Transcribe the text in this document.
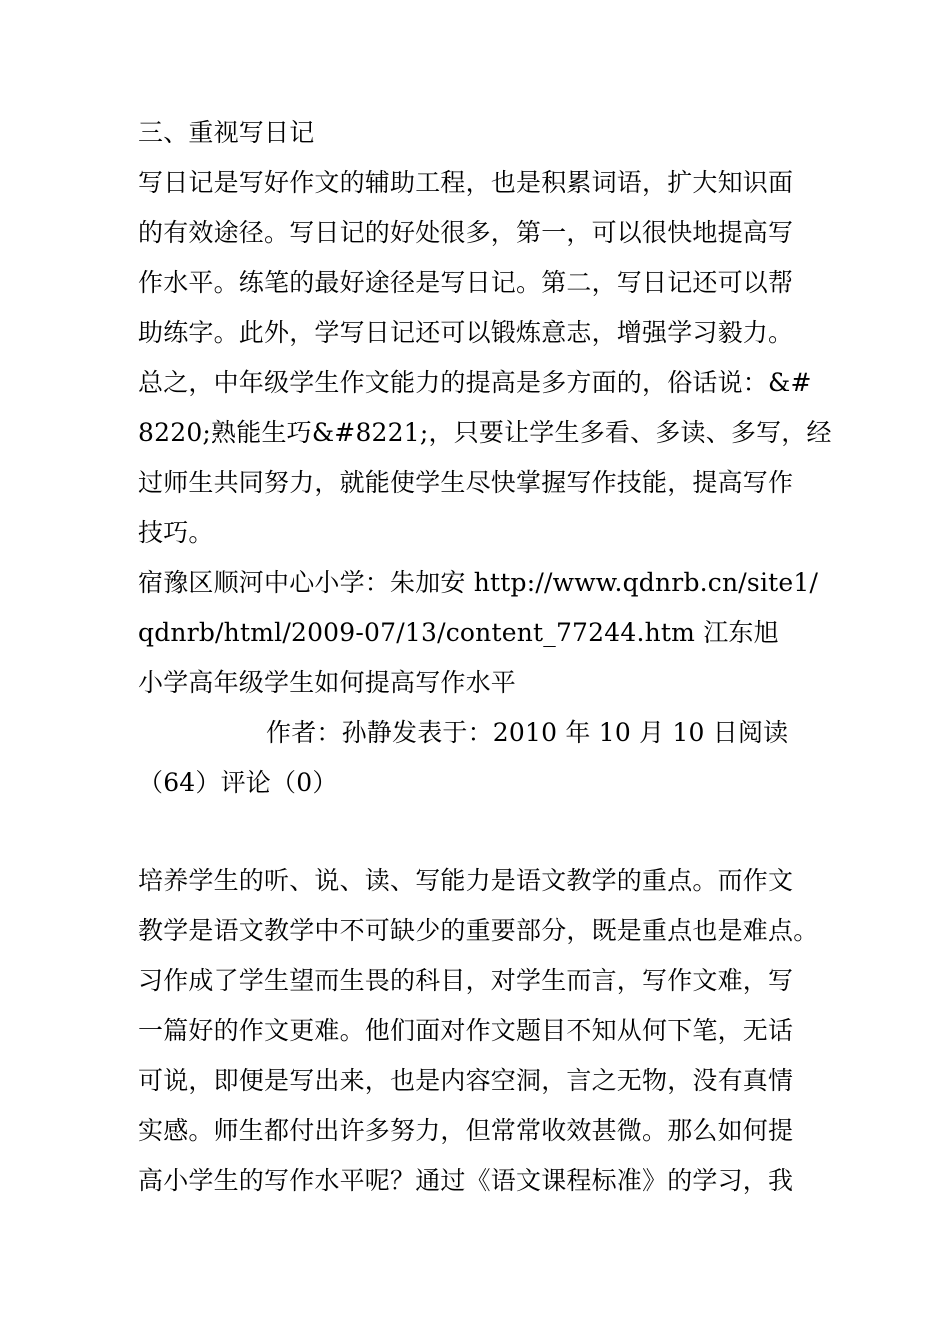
三、重视写日记
写日记是写好作文的辅助工程，也是积累词语，扩大知识面
的有效途径。写日记的好处很多，第一，可以很快地提高写
作水平。练笔的最好途径是写日记。第二，写日记还可以帮
助练字。此外，学写日记还可以锻炼意志，增强学习毅力。
总之，中年级学生作文能力的提高是多方面的，俗话说：&#
8220;熟能生巧&#8221;，只要让学生多看、多读、多写，经
过师生共同努力，就能使学生尽快掌握写作技能，提高写作
技巧。
宿豫区顺河中心小学：朱加安 http://www.qdnrb.cn/site1/
qdnrb/html/2009-07/13/content_77244.htm 江东旭
小学高年级学生如何提高写作水平
作者：孙静发表于：2010 年 10 月 10 日阅读
（64）评论（0）
培养学生的听、说、读、写能力是语文教学的重点。而作文
教学是语文教学中不可缺少的重要部分，既是重点也是难点。
习作成了学生望而生畏的科目，对学生而言，写作文难，写
一篇好的作文更难。他们面对作文题目不知从何下笔，无话
可说，即便是写出来，也是内容空洞，言之无物，没有真情
实感。师生都付出许多努力，但常常收效甚微。那么如何提
高小学生的写作水平呢？通过《语文课程标准》的学习，我
